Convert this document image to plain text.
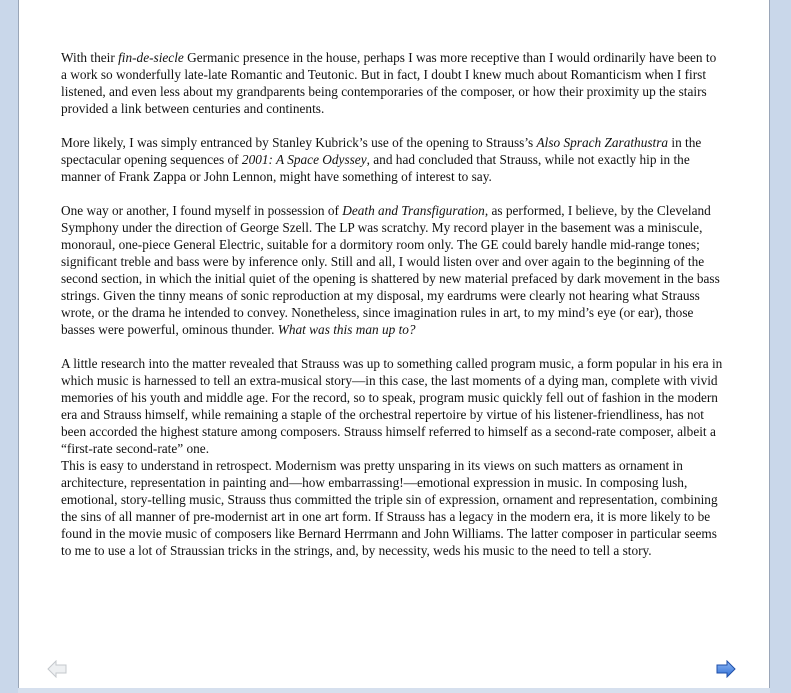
With their fin-de-siecle Germanic presence in the house, perhaps I was more receptive than I would ordinarily have been to a work so wonderfully late-late Romantic and Teutonic. But in fact, I doubt I knew much about Romanticism when I first listened, and even less about my grandparents being contemporaries of the composer, or how their proximity up the stairs provided a link between centuries and continents.

More likely, I was simply entranced by Stanley Kubrick’s use of the opening to Strauss’s Also Sprach Zarathustra in the spectacular opening sequences of 2001: A Space Odyssey, and had concluded that Strauss, while not exactly hip in the manner of Frank Zappa or John Lennon, might have something of interest to say.

One way or another, I found myself in possession of Death and Transfiguration, as performed, I believe, by the Cleveland Symphony under the direction of George Szell. The LP was scratchy. My record player in the basement was a miniscule, monoraul, one-piece General Electric, suitable for a dormitory room only. The GE could barely handle mid-range tones; significant treble and bass were by inference only. Still and all, I would listen over and over again to the beginning of the second section, in which the initial quiet of the opening is shattered by new material prefaced by dark movement in the bass strings. Given the tinny means of sonic reproduction at my disposal, my eardrums were clearly not hearing what Strauss wrote, or the drama he intended to convey. Nonetheless, since imagination rules in art, to my mind’s eye (or ear), those basses were powerful, ominous thunder. What was this man up to?

A little research into the matter revealed that Strauss was up to something called program music, a form popular in his era in which music is harnessed to tell an extra-musical story—in this case, the last moments of a dying man, complete with vivid memories of his youth and middle age. For the record, so to speak, program music quickly fell out of fashion in the modern era and Strauss himself, while remaining a staple of the orchestral repertoire by virtue of his listener-friendliness, has not been accorded the highest stature among composers. Strauss himself referred to himself as a second-rate composer, albeit a “first-rate second-rate” one.

This is easy to understand in retrospect. Modernism was pretty unsparing in its views on such matters as ornament in architecture, representation in painting and—how embarrassing!—emotional expression in music. In composing lush, emotional, story-telling music, Strauss thus committed the triple sin of expression, ornament and representation, combining the sins of all manner of pre-modernist art in one art form. If Strauss has a legacy in the modern era, it is more likely to be found in the movie music of composers like Bernard Herrmann and John Williams. The latter composer in particular seems to me to use a lot of Straussian tricks in the strings, and, by necessity, weds his music to the need to tell a story.
